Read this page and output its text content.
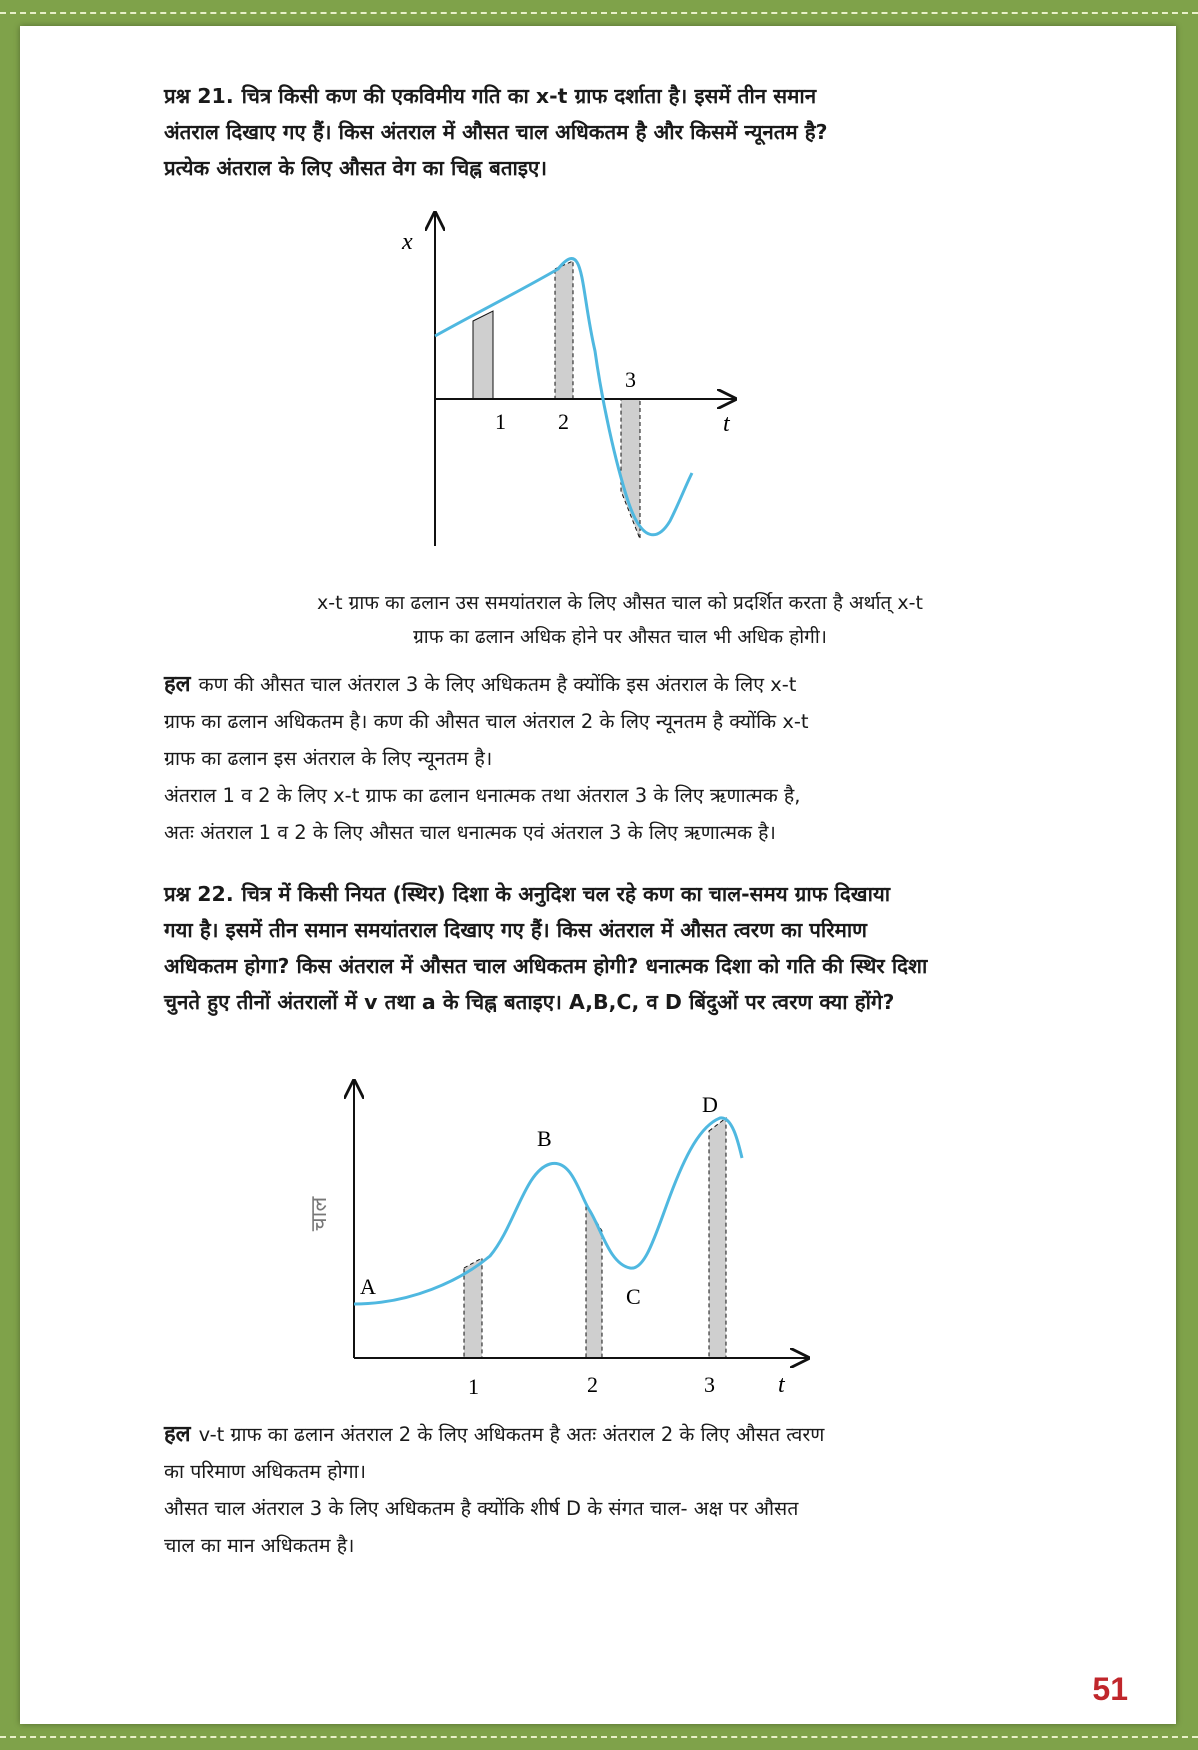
प्रश्न 21. चित्र किसी कण की एकविमीय गति का x-t ग्राफ दर्शाता है। इसमें तीन समान
अंतराल दिखाए गए हैं। किस अंतराल में औसत चाल अधिकतम है और किसमें न्यूनतम है?
प्रत्येक अंतराल के लिए औसत वेग का चिह्न बताइए।
x
t
1 2
3
x-t ग्राफ का ढलान उस समयांतराल के लिए औसत चाल को प्रदर्शित करता है अर्थात् x-t
ग्राफ का ढलान अधिक होने पर औसत चाल भी अधिक होगी।
हल कण की औसत चाल अंतराल 3 के लिए अधिकतम है क्योंकि इस अंतराल के लिए x-t
ग्राफ का ढलान अधिकतम है। कण की औसत चाल अंतराल 2 के लिए न्यूनतम है क्योंकि x-t
ग्राफ का ढलान इस अंतराल के लिए न्यूनतम है।
अंतराल 1 व 2 के लिए x-t ग्राफ का ढलान धनात्मक तथा अंतराल 3 के लिए ऋणात्मक है,
अतः अंतराल 1 व 2 के लिए औसत चाल धनात्मक एवं अंतराल 3 के लिए ऋणात्मक है।
प्रश्न 22. चित्र में किसी नियत (स्थिर) दिशा के अनुदिश चल रहे कण का चाल-समय ग्राफ दिखाया
गया है। इसमें तीन समान समयांतराल दिखाए गए हैं। किस अंतराल में औसत त्वरण का परिमाण
अधिकतम होगा? किस अंतराल में औसत चाल अधिकतम होगी? धनात्मक दिशा को गति की स्थिर दिशा
चुनते हुए तीनों अंतरालों में v तथा a के चिह्न बताइए। A,B,C, व D बिंदुओं पर त्वरण क्या होंगे?
चाल
t
A
B
C
D
1	2	3
हल v-t ग्राफ का ढलान अंतराल 2 के लिए अधिकतम है अतः अंतराल 2 के लिए औसत त्वरण
का परिमाण अधिकतम होगा।
औसत चाल अंतराल 3 के लिए अधिकतम है क्योंकि शीर्ष D के संगत चाल- अक्ष पर औसत
चाल का मान अधिकतम है।
51
